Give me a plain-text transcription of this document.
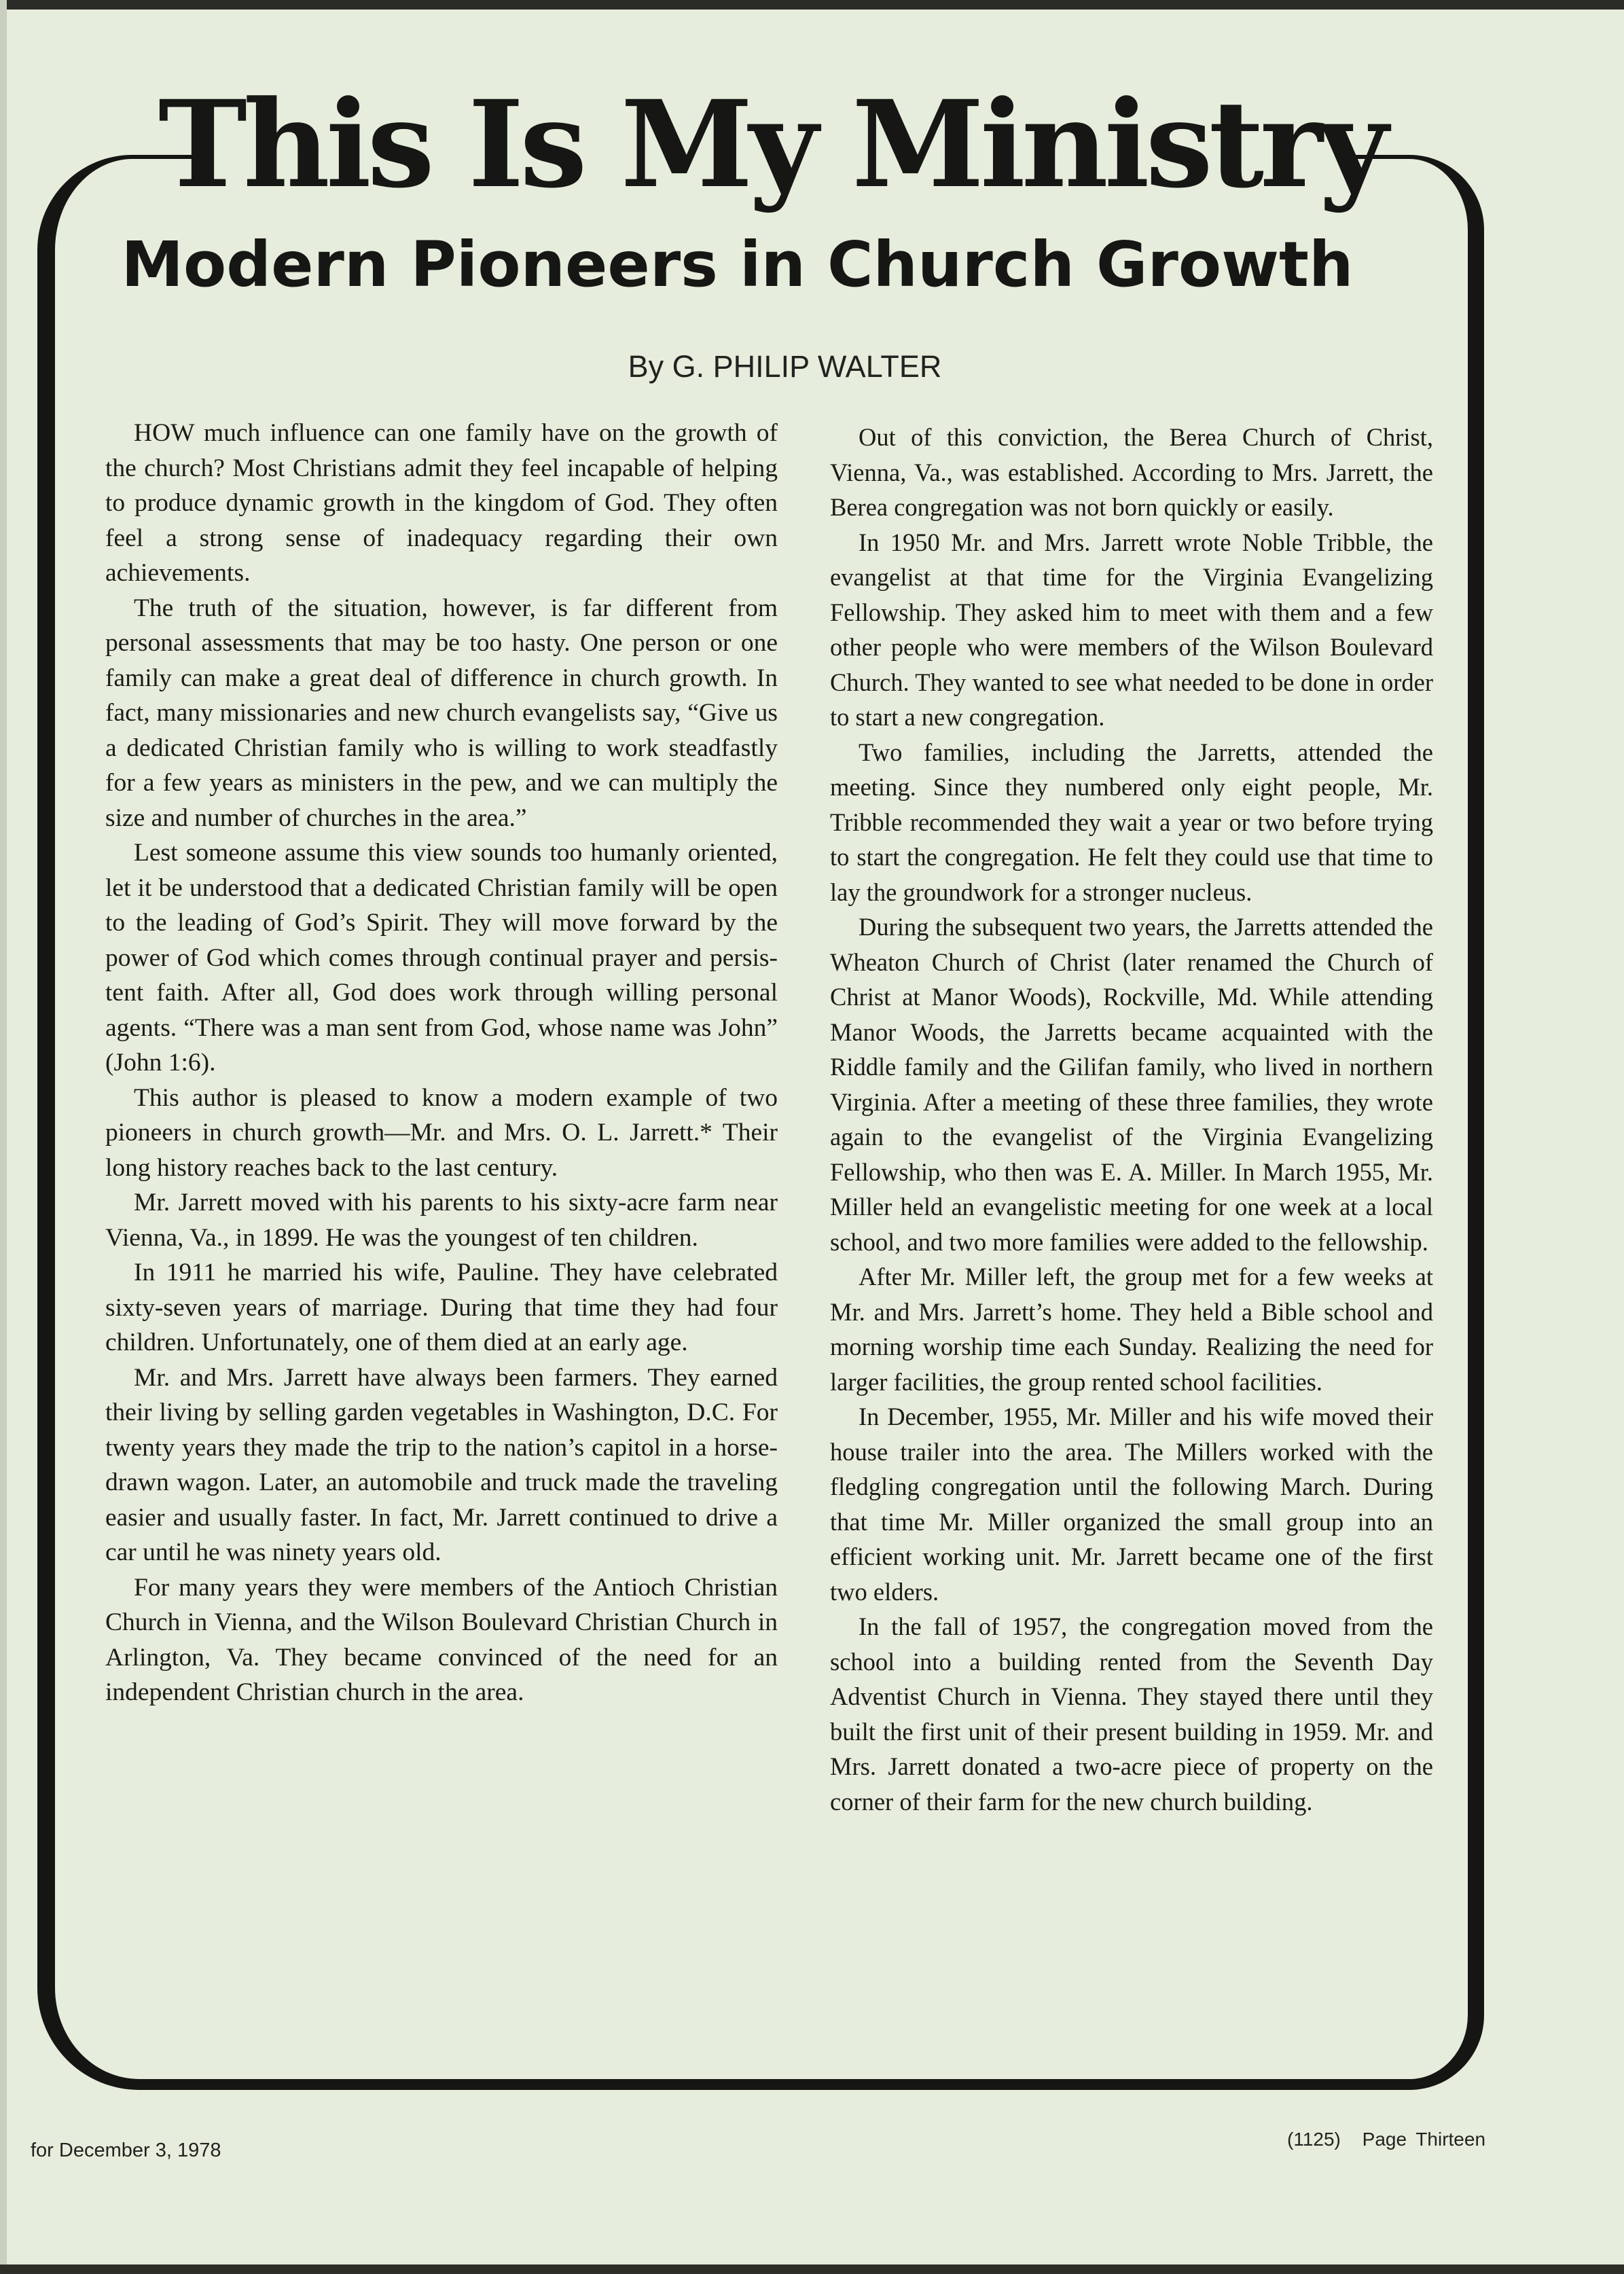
This Is My Ministry
Modern Pioneers in Church Growth
By G. PHILIP WALTER

HOW much influence can one family have on the growth of the church? Most Christians admit they feel incapable of helping to produce dynamic growth in the kingdom of God. They often feel a strong sense of inadequacy regarding their own achievements.

The truth of the situation, however, is far different from personal assessments that may be too hasty. One person or one family can make a great deal of difference in church growth. In fact, many missionaries and new church evangelists say, “Give us a dedicated Christian family who is willing to work steadfastly for a few years as ministers in the pew, and we can multiply the size and number of churches in the area.”

Lest someone assume this view sounds too humanly oriented, let it be understood that a dedicated Christian family will be open to the leading of God’s Spirit. They will move forward by the power of God which comes through continual prayer and persistent faith. After all, God does work through willing personal agents. “There was a man sent from God, whose name was John” (John 1:6).

This author is pleased to know a modern example of two pioneers in church growth—Mr. and Mrs. O. L. Jarrett.* Their long history reaches back to the last century.

Mr. Jarrett moved with his parents to his sixty-acre farm near Vienna, Va., in 1899. He was the youngest of ten children.

In 1911 he married his wife, Pauline. They have celebrated sixty-seven years of marriage. During that time they had four children. Unfortunately, one of them died at an early age.

Mr. and Mrs. Jarrett have always been farmers. They earned their living by selling garden vegetables in Washington, D.C. For twenty years they made the trip to the nation’s capitol in a horse-drawn wagon. Later, an automobile and truck made the traveling easier and usually faster. In fact, Mr. Jarrett continued to drive a car until he was ninety years old.

For many years they were members of the Antioch Christian Church in Vienna, and the Wilson Boulevard Christian Church in Arlington, Va. They became convinced of the need for an independent Christian church in the area.

Out of this conviction, the Berea Church of Christ, Vienna, Va., was established. According to Mrs. Jarrett, the Berea congregation was not born quickly or easily.

In 1950 Mr. and Mrs. Jarrett wrote Noble Tribble, the evangelist at that time for the Virginia Evangelizing Fellowship. They asked him to meet with them and a few other people who were members of the Wilson Boulevard Church. They wanted to see what needed to be done in order to start a new congregation.

Two families, including the Jarretts, attended the meeting. Since they numbered only eight people, Mr. Tribble recommended they wait a year or two before trying to start the congregation. He felt they could use that time to lay the groundwork for a stronger nucleus.

During the subsequent two years, the Jarretts attended the Wheaton Church of Christ (later renamed the Church of Christ at Manor Woods), Rockville, Md. While attending Manor Woods, the Jarretts became acquainted with the Riddle family and the Gilifan family, who lived in northern Virginia. After a meeting of these three families, they wrote again to the evangelist of the Virginia Evangelizing Fellowship, who then was E. A. Miller. In March 1955, Mr. Miller held an evangelistic meeting for one week at a local school, and two more families were added to the fellowship.

After Mr. Miller left, the group met for a few weeks at Mr. and Mrs. Jarrett’s home. They held a Bible school and morning worship time each Sunday. Realizing the need for larger facilities, the group rented school facilities.

In December, 1955, Mr. Miller and his wife moved their house trailer into the area. The Millers worked with the fledgling congregation until the following March. During that time Mr. Miller organized the small group into an efficient working unit. Mr. Jarrett became one of the first two elders.

In the fall of 1957, the congregation moved from the school into a building rented from the Seventh Day Adventist Church in Vienna. They stayed there until they built the first unit of their present building in 1959. Mr. and Mrs. Jarrett donated a two-acre piece of property on the corner of their farm for the new church building.

for December 3, 1978
(1125) Page Thirteen
